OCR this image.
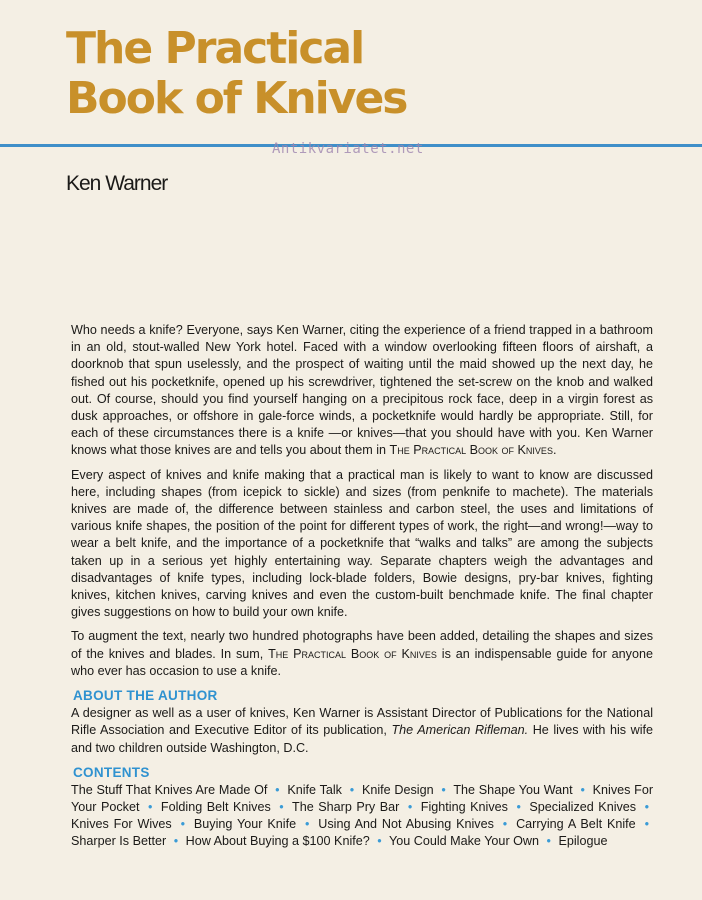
The Practical
Book of Knives
Antikvariatet.net
Ken Warner

Who needs a knife? Everyone, says Ken Warner, citing the experience of a friend trapped in a bathroom in an old, stout-walled New York hotel. Faced with a window overlooking fifteen floors of airshaft, a doorknob that spun uselessly, and the prospect of waiting until the maid showed up the next day, he fished out his pocketknife, opened up his screwdriver, tightened the set-screw on the knob and walked out. Of course, should you find yourself hanging on a precipitous rock face, deep in a virgin forest as dusk approaches, or offshore in gale-force winds, a pocketknife would hardly be appropriate. Still, for each of these circumstances there is a knife —or knives—that you should have with you. Ken Warner knows what those knives are and tells you about them in The Practical Book of Knives.

Every aspect of knives and knife making that a practical man is likely to want to know are discussed here, including shapes (from icepick to sickle) and sizes (from penknife to machete). The materials knives are made of, the difference between stainless and carbon steel, the uses and limitations of various knife shapes, the position of the point for different types of work, the right—and wrong!—way to wear a belt knife, and the importance of a pocketknife that “walks and talks” are among the subjects taken up in a serious yet highly entertaining way. Separate chapters weigh the advantages and disadvantages of knife types, including lock-blade folders, Bowie designs, pry-bar knives, fighting knives, kitchen knives, carving knives and even the custom-built benchmade knife. The final chapter gives suggestions on how to build your own knife.

To augment the text, nearly two hundred photographs have been added, detailing the shapes and sizes of the knives and blades. In sum, The Practical Book of Knives is an indispensable guide for anyone who ever has occasion to use a knife.

ABOUT THE AUTHOR

A designer as well as a user of knives, Ken Warner is Assistant Director of Publications for the National Rifle Association and Executive Editor of its publication, The American Rifleman. He lives with his wife and two children outside Washington, D.C.

CONTENTS

The Stuff That Knives Are Made Of • Knife Talk • Knife Design • The Shape You Want • Knives For Your Pocket • Folding Belt Knives • The Sharp Pry Bar • Fighting Knives • Specialized Knives • Knives For Wives • Buying Your Knife • Using And Not Abusing Knives • Carrying A Belt Knife • Sharper Is Better • How About Buying a $100 Knife? • You Could Make Your Own • Epilogue
